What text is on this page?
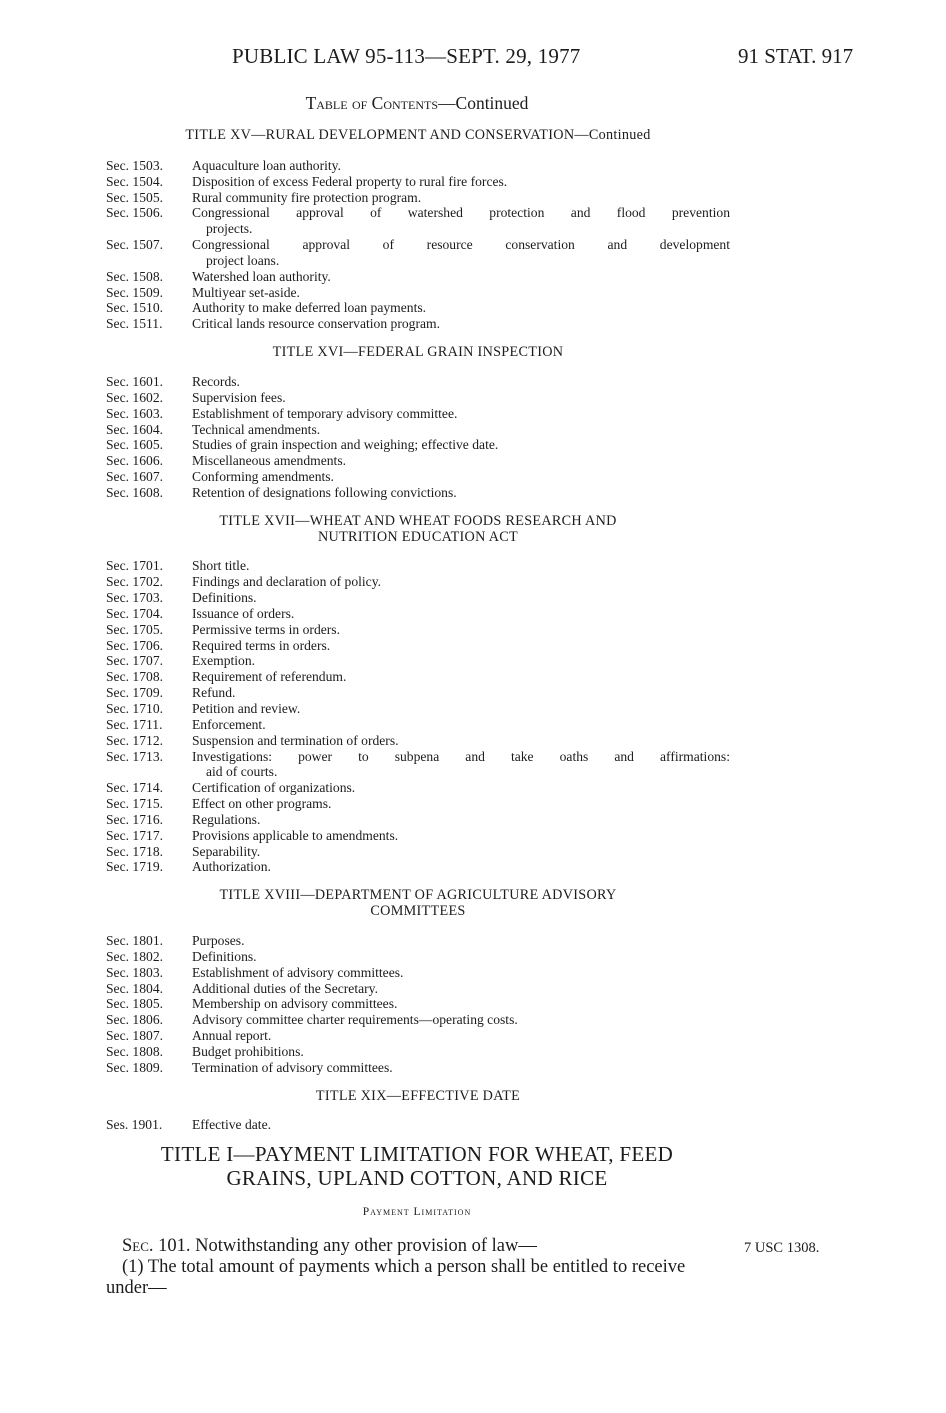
PUBLIC LAW 95-113—SEPT. 29, 1977	91 STAT. 917
Table of Contents—Continued
TITLE XV—RURAL DEVELOPMENT AND CONSERVATION—Continued
Sec. 1503.	Aquaculture loan authority.
Sec. 1504.	Disposition of excess Federal property to rural fire forces.
Sec. 1505.	Rural community fire protection program.
Sec. 1506.	Congressional approval of watershed protection and flood prevention
projects.
Sec. 1507.	Congressional approval of resource conservation and development
project loans.
Sec. 1508.	Watershed loan authority.
Sec. 1509.	Multiyear set-aside.
Sec. 1510.	Authority to make deferred loan payments.
Sec. 1511.	Critical lands resource conservation program.
TITLE XVI—FEDERAL GRAIN INSPECTION
Sec. 1601.	Records.
Sec. 1602.	Supervision fees.
Sec. 1603.	Establishment of temporary advisory committee.
Sec. 1604.	Technical amendments.
Sec. 1605.	Studies of grain inspection and weighing; effective date.
Sec. 1606.	Miscellaneous amendments.
Sec. 1607.	Conforming amendments.
Sec. 1608.	Retention of designations following convictions.
TITLE XVII—WHEAT AND WHEAT FOODS RESEARCH AND
NUTRITION EDUCATION ACT
Sec. 1701.	Short title.
Sec. 1702.	Findings and declaration of policy.
Sec. 1703.	Definitions.
Sec. 1704.	Issuance of orders.
Sec. 1705.	Permissive terms in orders.
Sec. 1706.	Required terms in orders.
Sec. 1707.	Exemption.
Sec. 1708.	Requirement of referendum.
Sec. 1709.	Refund.
Sec. 1710.	Petition and review.
Sec. 1711.	Enforcement.
Sec. 1712.	Suspension and termination of orders.
Sec. 1713.	Investigations: power to subpena and take oaths and affirmations:
aid of courts.
Sec. 1714.	Certification of organizations.
Sec. 1715.	Effect on other programs.
Sec. 1716.	Regulations.
Sec. 1717.	Provisions applicable to amendments.
Sec. 1718.	Separability.
Sec. 1719.	Authorization.
TITLE XVIII—DEPARTMENT OF AGRICULTURE ADVISORY
COMMITTEES
Sec. 1801.	Purposes.
Sec. 1802.	Definitions.
Sec. 1803.	Establishment of advisory committees.
Sec. 1804.	Additional duties of the Secretary.
Sec. 1805.	Membership on advisory committees.
Sec. 1806.	Advisory committee charter requirements—operating costs.
Sec. 1807.	Annual report.
Sec. 1808.	Budget prohibitions.
Sec. 1809.	Termination of advisory committees.
TITLE XIX—EFFECTIVE DATE
Ses. 1901.	Effective date.
TITLE I—PAYMENT LIMITATION FOR WHEAT, FEED
GRAINS, UPLAND COTTON, AND RICE
Payment Limitation

Sec. 101. Notwithstanding any other provision of law—

(1) The total amount of payments which a person shall be entitled to receive under—

7 USC 1308.
